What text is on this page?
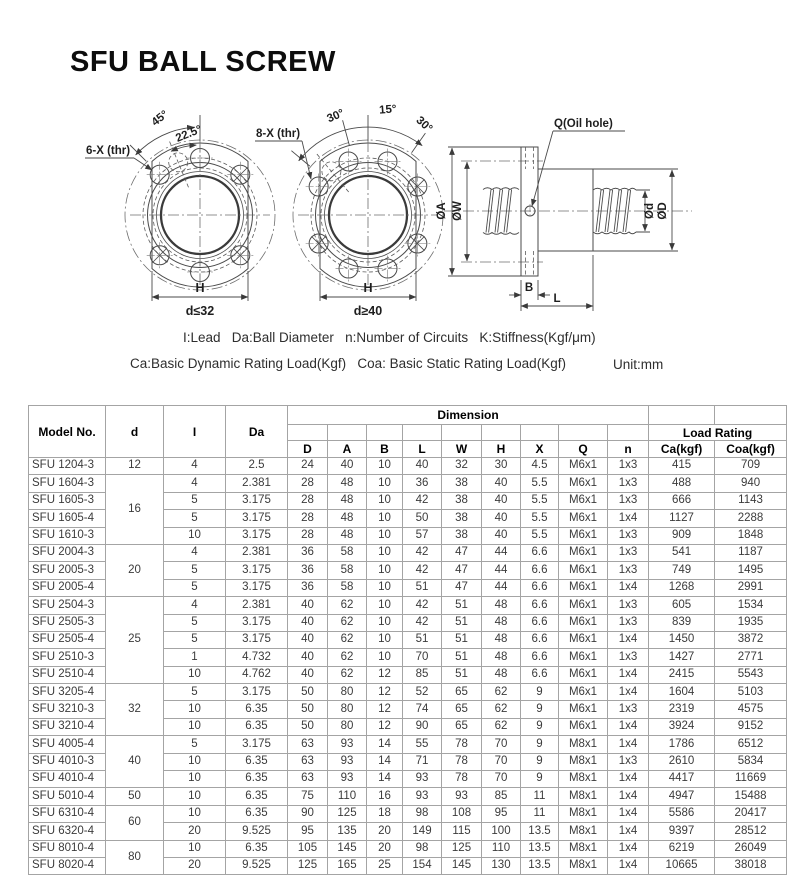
SFU BALL SCREW
45°
22.5°
6-X (thr)
H
d≤32
30°	15°
30°
8-X (thr)
H
d≥40
ØA ØW	Ød ØD
Q(Oil hole)
B
L
I:Lead   Da:Ball Diameter   n:Number of Circuits   K:Stiffness(Kgf/μm)
Ca:Basic Dynamic Rating Load(Kgf)   Coa: Basic Static Rating Load(Kgf)	Unit:mm
Model No.	d	I	Da	Dimension										
													Load Rating	
				D	A	B	L	W	H	X	Q	n	Ca(kgf)	Coa(kgf)
SFU 1204-3	12	4	2.5	24	40	10	40	32	30	4.5	M6x1	1x3	415	709
SFU 1604-3	16	4	2.381	28	48	10	36	38	40	5.5	M6x1	1x3	488	940
SFU 1605-3		5	3.175	28	48	10	42	38	40	5.5	M6x1	1x3	666	1143
SFU 1605-4		5	3.175	28	48	10	50	38	40	5.5	M6x1	1x4	1127	2288
SFU 1610-3		10	3.175	28	48	10	57	38	40	5.5	M6x1	1x3	909	1848
SFU 2004-3	20	4	2.381	36	58	10	42	47	44	6.6	M6x1	1x3	541	1187
SFU 2005-3		5	3.175	36	58	10	42	47	44	6.6	M6x1	1x3	749	1495
SFU 2005-4		5	3.175	36	58	10	51	47	44	6.6	M6x1	1x4	1268	2991
SFU 2504-3	25	4	2.381	40	62	10	42	51	48	6.6	M6x1	1x3	605	1534
SFU 2505-3		5	3.175	40	62	10	42	51	48	6.6	M6x1	1x3	839	1935
SFU 2505-4		5	3.175	40	62	10	51	51	48	6.6	M6x1	1x4	1450	3872
SFU 2510-3		1	4.732	40	62	10	70	51	48	6.6	M6x1	1x3	1427	2771
SFU 2510-4		10	4.762	40	62	12	85	51	48	6.6	M6x1	1x4	2415	5543
SFU 3205-4	32	5	3.175	50	80	12	52	65	62	9	M6x1	1x4	1604	5103
SFU 3210-3		10	6.35	50	80	12	74	65	62	9	M6x1	1x3	2319	4575
SFU 3210-4		10	6.35	50	80	12	90	65	62	9	M6x1	1x4	3924	9152
SFU 4005-4	40	5	3.175	63	93	14	55	78	70	9	M8x1	1x4	1786	6512
SFU 4010-3		10	6.35	63	93	14	71	78	70	9	M8x1	1x3	2610	5834
SFU 4010-4		10	6.35	63	93	14	93	78	70	9	M8x1	1x4	4417	11669
SFU 5010-4	50	10	6.35	75	110	16	93	93	85	11	M8x1	1x4	4947	15488
SFU 6310-4	60	10	6.35	90	125	18	98	108	95	11	M8x1	1x4	5586	20417
SFU 6320-4		20	9.525	95	135	20	149	115	100	13.5	M8x1	1x4	9397	28512
SFU 8010-4	80	10	6.35	105	145	20	98	125	110	13.5	M8x1	1x4	6219	26049
SFU 8020-4		20	9.525	125	165	25	154	145	130	13.5	M8x1	1x4	10665	38018
